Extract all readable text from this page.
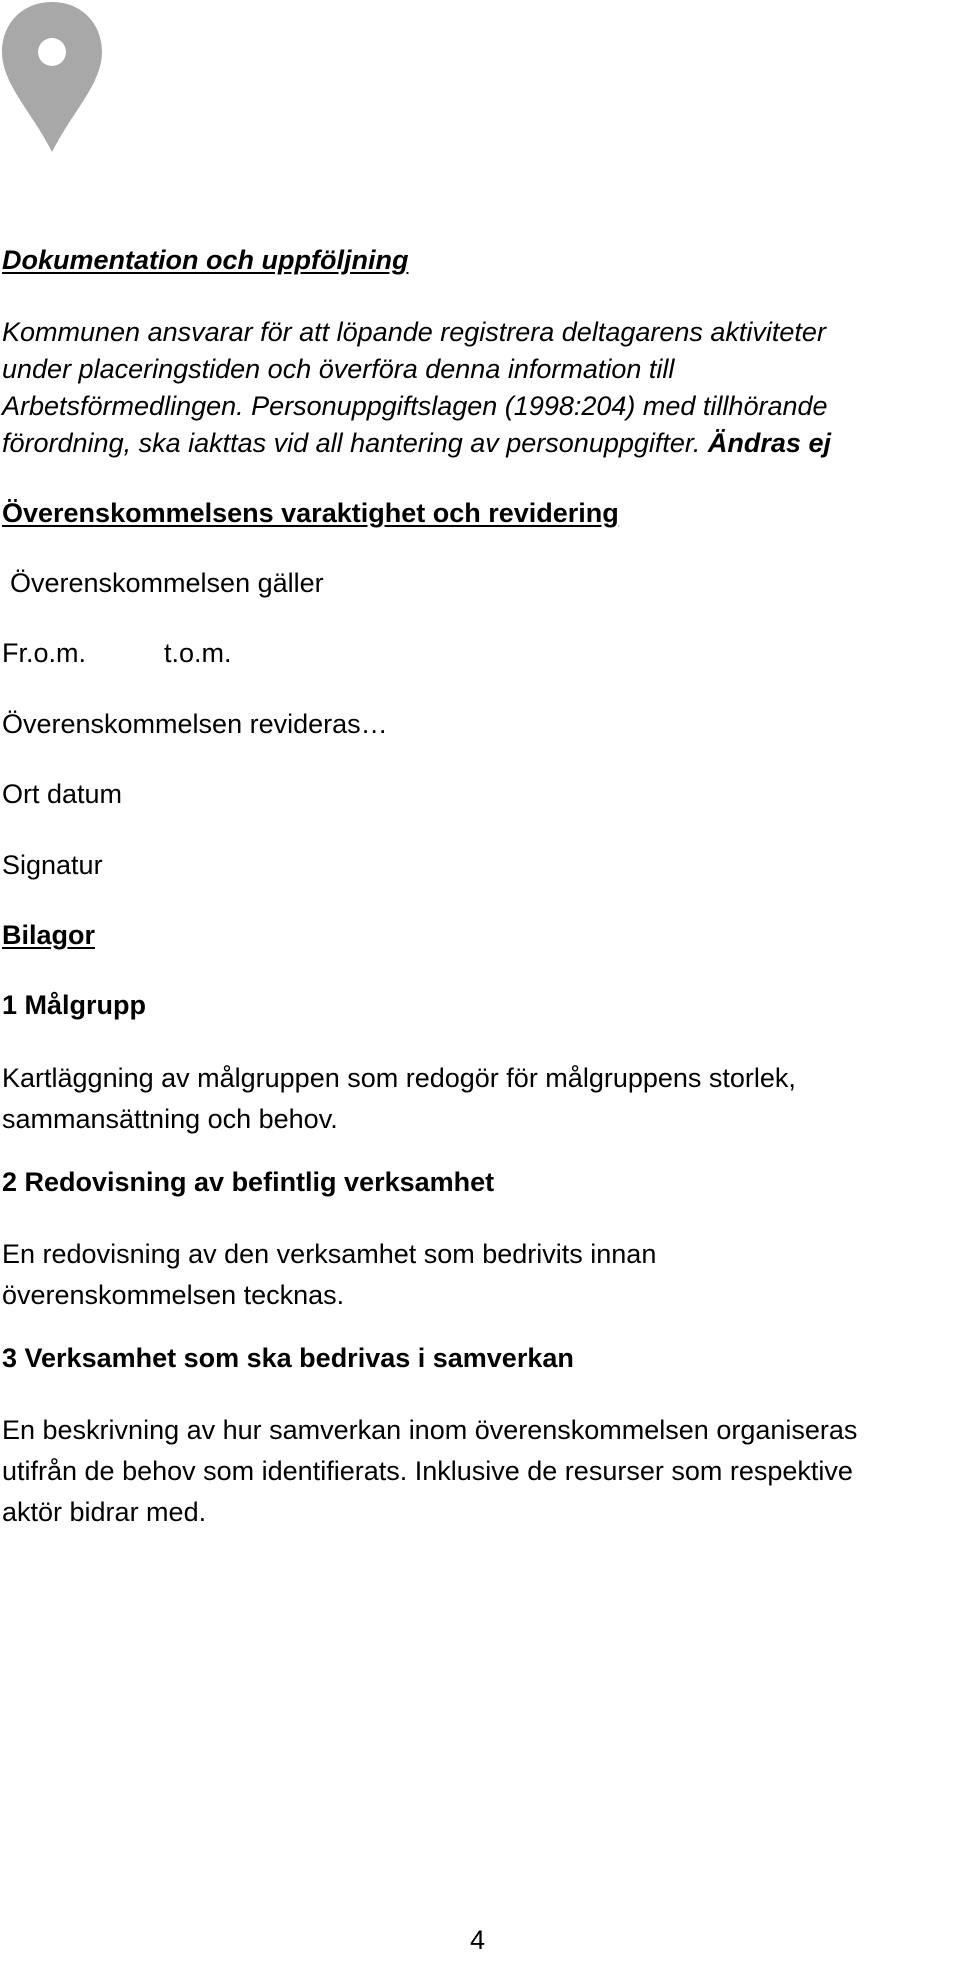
Dokumentation och uppföljning
Kommunen ansvarar för att löpande registrera deltagarens aktiviteter
under placeringstiden och överföra denna information till
Arbetsförmedlingen. Personuppgiftslagen (1998:204) med tillhörande
förordning, ska iakttas vid all hantering av personuppgifter. Ändras ej
Överenskommelsens varaktighet och revidering
Överenskommelsen gäller
Fr.o.m.	t.o.m.
Överenskommelsen revideras…
Ort datum
Signatur
Bilagor
1 Målgrupp
Kartläggning av målgruppen som redogör för målgruppens storlek,
sammansättning och behov.
2 Redovisning av befintlig verksamhet
En redovisning av den verksamhet som bedrivits innan
överenskommelsen tecknas.
3 Verksamhet som ska bedrivas i samverkan
En beskrivning av hur samverkan inom överenskommelsen organiseras
utifrån de behov som identifierats. Inklusive de resurser som respektive
aktör bidrar med.
4
